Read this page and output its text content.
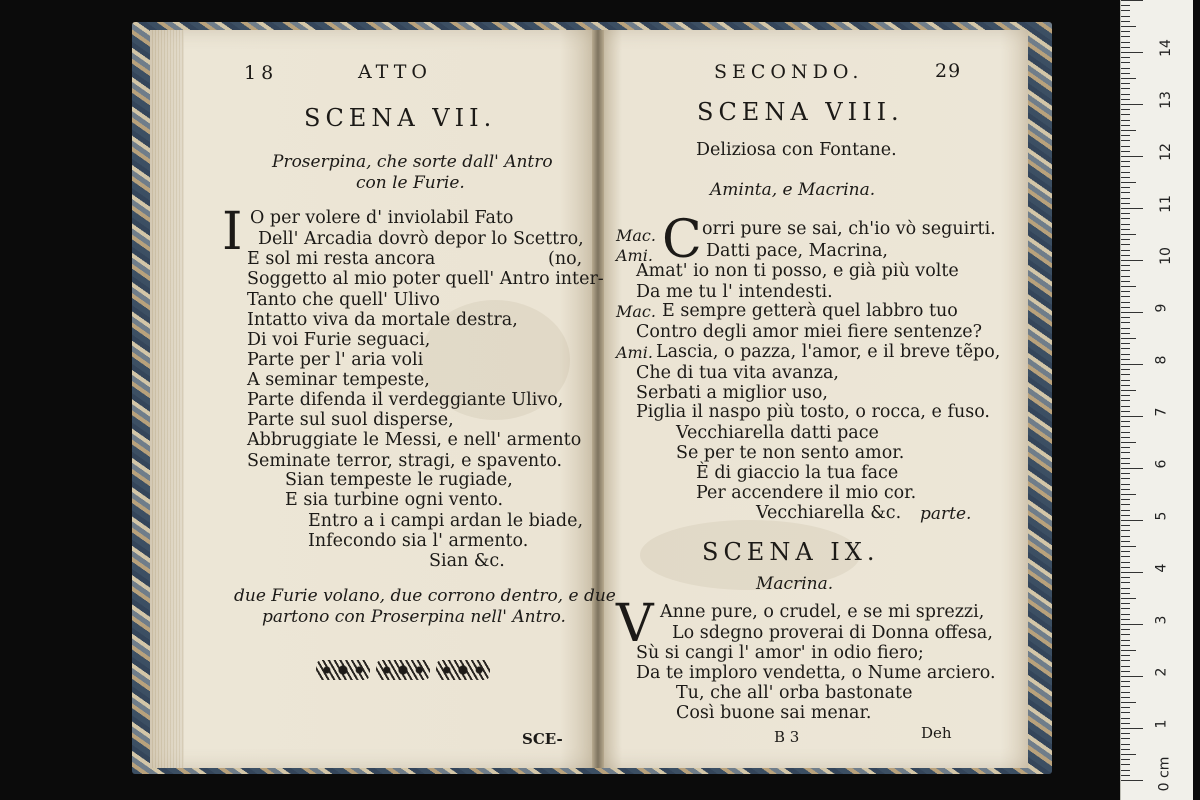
18	ATTO
SCENA VII.
Proserpina, che sorte dall' Antro
con le Furie.
I O per volere d' inviolabil Fato
Dell' Arcadia dovrò depor lo Scettro,
E sol mi resta ancora	(no,
Soggetto al mio poter quell' Antro inter-
Tanto che quell' Ulivo
Intatto viva da mortale destra,
Di voi Furie seguaci,
Parte per l' aria voli
A seminar tempeste,
Parte difenda il verdeggiante Ulivo,
Parte sul suol disperse,
Abbruggiate le Messi, e nell' armento
Seminate terror, stragi, e spavento.
Sian tempeste le rugiade,
E sia turbine ogni vento.
Entro a i campi ardan le biade,
Infecondo sia l' armento.
Sian &c.
due Furie volano, due corrono dentro, e due
partono con Proserpina nell' Antro.
SCE-
SECONDO.	29
SCENA VIII.
Deliziosa con Fontane.
Aminta, e Macrina.
Mac.
Ami. C orri pure se sai, ch'io vò seguirti.
Datti pace, Macrina,
Amat' io non ti posso, e già più volte
Da me tu l' intendesti.
Mac. E sempre getterà quel labbro tuo
Contro degli amor miei fiere sentenze?
Ami. Lascia, o pazza, l'amor, e il breve tẽpo,
Che di tua vita avanza,
Serbati a miglior uso,
Piglia il naspo più tosto, o rocca, e fuso.
Vecchiarella datti pace
Se per te non sento amor.
È di giaccio la tua face
Per accendere il mio cor.
Vecchiarella &c. parte.
SCENA IX.
Macrina.
V Anne pure, o crudel, e se mi sprezzi,
Lo sdegno proverai di Donna offesa,
Sù si cangi l' amor' in odio fiero;
Da te imploro vendetta, o Nume arciero.
Tu, che all' orba bastonate
Così buone sai menar.
B 3	Deh
14
13
12
11
10
9
8
7
6
5
4
3
2
1
0 cm
